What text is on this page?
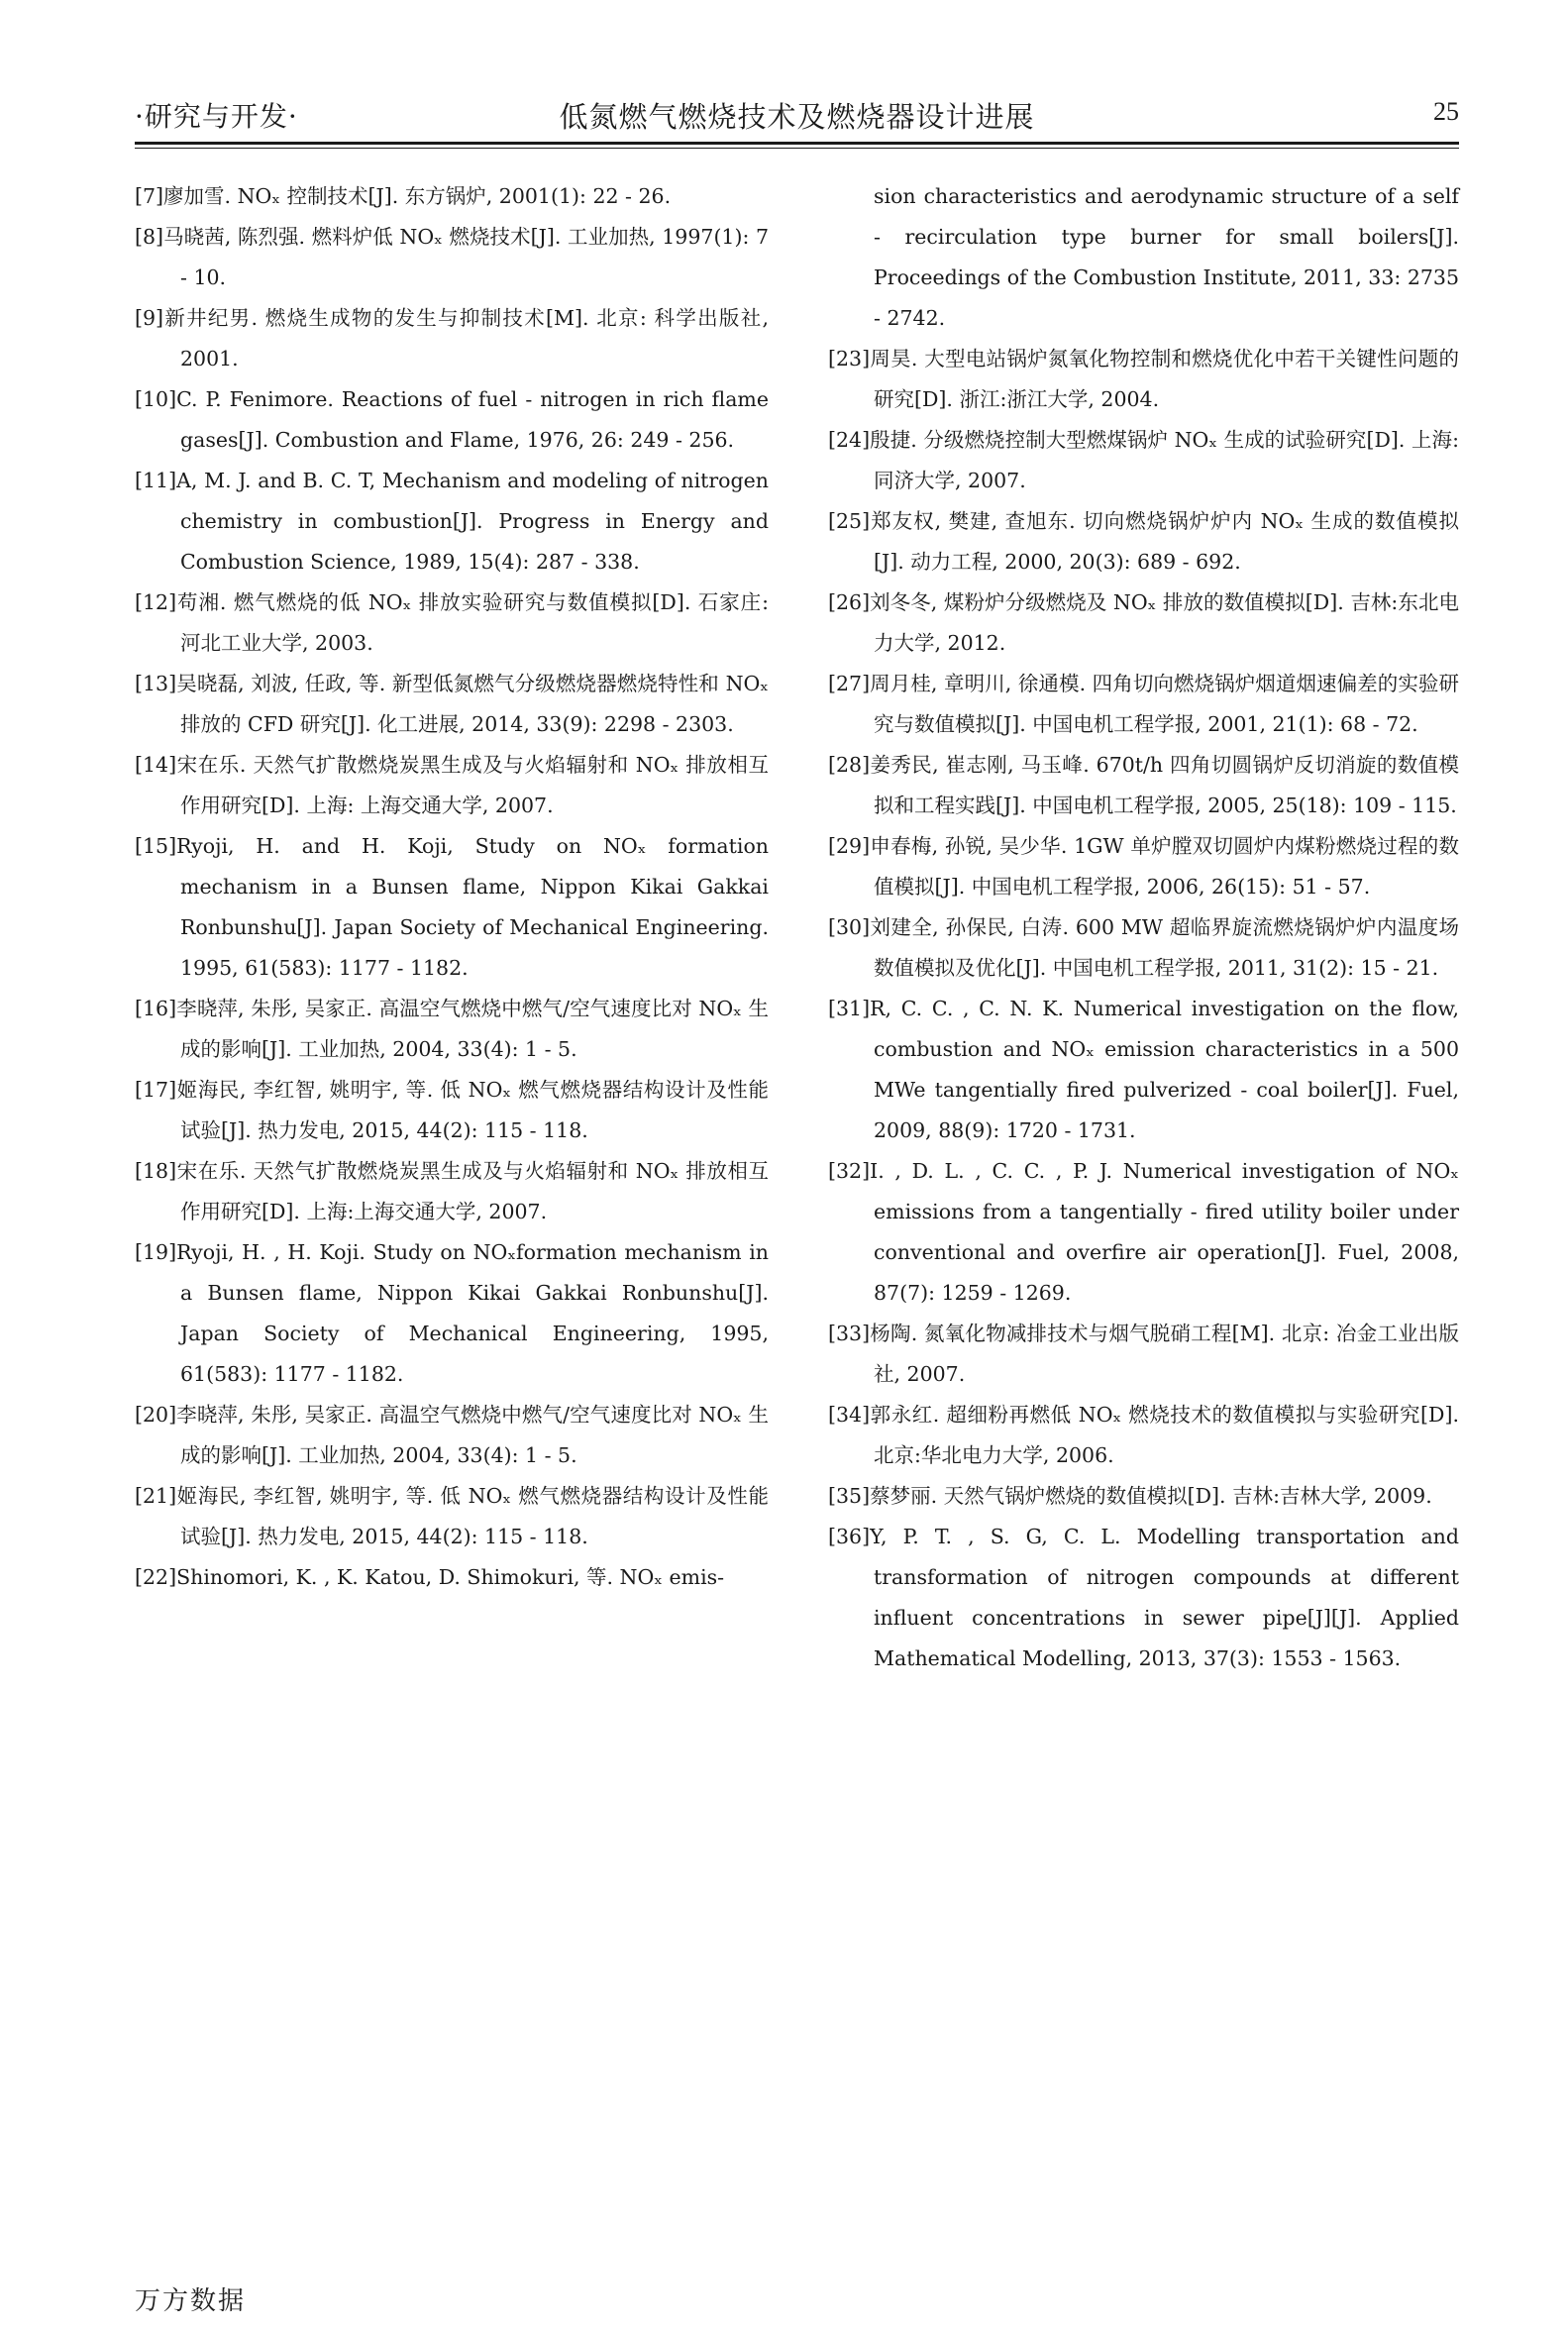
·研究与开发·	低氮燃气燃烧技术及燃烧器设计进展	25
[7]廖加雪. NOₓ 控制技术[J]. 东方锅炉, 2001(1): 22 - 26.
[8]马晓茜, 陈烈强. 燃料炉低 NOₓ 燃烧技术[J]. 工业加热, 1997(1): 7 - 10.
[9]新井纪男. 燃烧生成物的发生与抑制技术[M]. 北京: 科学出版社, 2001.
[10]C. P. Fenimore. Reactions of fuel - nitrogen in rich flame gases[J]. Combustion and Flame, 1976, 26: 249 - 256.
[11]A, M. J. and B. C. T, Mechanism and modeling of nitrogen chemistry in combustion[J]. Progress in Energy and Combustion Science, 1989, 15(4): 287 - 338.
[12]苟湘. 燃气燃烧的低 NOₓ 排放实验研究与数值模拟[D]. 石家庄: 河北工业大学, 2003.
[13]吴晓磊, 刘波, 任政, 等. 新型低氮燃气分级燃烧器燃烧特性和 NOₓ排放的 CFD 研究[J]. 化工进展, 2014, 33(9): 2298 - 2303.
[14]宋在乐. 天然气扩散燃烧炭黑生成及与火焰辐射和 NOₓ 排放相互作用研究[D]. 上海: 上海交通大学, 2007.
[15]Ryoji, H. and H. Koji, Study on NOₓ formation mechanism in a Bunsen flame, Nippon Kikai Gakkai Ronbunshu[J]. Japan Society of Mechanical Engineering. 1995, 61(583): 1177 - 1182.
[16]李晓萍, 朱彤, 吴家正. 高温空气燃烧中燃气/空气速度比对 NOₓ 生成的影响[J]. 工业加热, 2004, 33(4): 1 - 5.
[17]姬海民, 李红智, 姚明宇, 等. 低 NOₓ 燃气燃烧器结构设计及性能试验[J]. 热力发电, 2015, 44(2): 115 - 118.
[18]宋在乐. 天然气扩散燃烧炭黑生成及与火焰辐射和 NOₓ 排放相互作用研究[D]. 上海:上海交通大学, 2007.
[19]Ryoji, H. , H. Koji. Study on NOₓformation mechanism in a Bunsen flame, Nippon Kikai Gakkai Ronbunshu[J]. Japan Society of Mechanical Engineering, 1995, 61(583): 1177 - 1182.
[20]李晓萍, 朱彤, 吴家正. 高温空气燃烧中燃气/空气速度比对 NOₓ 生成的影响[J]. 工业加热, 2004, 33(4): 1 - 5.
[21]姬海民, 李红智, 姚明宇, 等. 低 NOₓ 燃气燃烧器结构设计及性能试验[J]. 热力发电, 2015, 44(2): 115 - 118.
[22]Shinomori, K. , K. Katou, D. Shimokuri, 等. NOₓ emis-
sion characteristics and aerodynamic structure of a self - recirculation type burner for small boilers[J]. Proceedings of the Combustion Institute, 2011, 33: 2735 - 2742.
[23]周昊. 大型电站锅炉氮氧化物控制和燃烧优化中若干关键性问题的研究[D]. 浙江:浙江大学, 2004.
[24]殷捷. 分级燃烧控制大型燃煤锅炉 NOₓ 生成的试验研究[D]. 上海:同济大学, 2007.
[25]郑友权, 樊建, 查旭东. 切向燃烧锅炉炉内 NOₓ 生成的数值模拟[J]. 动力工程, 2000, 20(3): 689 - 692.
[26]刘冬冬, 煤粉炉分级燃烧及 NOₓ 排放的数值模拟[D]. 吉林:东北电力大学, 2012.
[27]周月桂, 章明川, 徐通模. 四角切向燃烧锅炉烟道烟速偏差的实验研究与数值模拟[J]. 中国电机工程学报, 2001, 21(1): 68 - 72.
[28]姜秀民, 崔志刚, 马玉峰. 670t/h 四角切圆锅炉反切消旋的数值模拟和工程实践[J]. 中国电机工程学报, 2005, 25(18): 109 - 115.
[29]申春梅, 孙锐, 吴少华. 1GW 单炉膛双切圆炉内煤粉燃烧过程的数值模拟[J]. 中国电机工程学报, 2006, 26(15): 51 - 57.
[30]刘建全, 孙保民, 白涛. 600 MW 超临界旋流燃烧锅炉炉内温度场数值模拟及优化[J]. 中国电机工程学报, 2011, 31(2): 15 - 21.
[31]R, C. C. , C. N. K. Numerical investigation on the flow, combustion and NOₓ emission characteristics in a 500 MWe tangentially fired pulverized - coal boiler[J]. Fuel, 2009, 88(9): 1720 - 1731.
[32]I. , D. L. , C. C. , P. J. Numerical investigation of NOₓ emissions from a tangentially - fired utility boiler under conventional and overfire air operation[J]. Fuel, 2008, 87(7): 1259 - 1269.
[33]杨陶. 氮氧化物减排技术与烟气脱硝工程[M]. 北京: 冶金工业出版社, 2007.
[34]郭永红. 超细粉再燃低 NOₓ 燃烧技术的数值模拟与实验研究[D]. 北京:华北电力大学, 2006.
[35]蔡梦丽. 天然气锅炉燃烧的数值模拟[D]. 吉林:吉林大学, 2009.
[36]Y, P. T. , S. G, C. L. Modelling transportation and transformation of nitrogen compounds at different influent concentrations in sewer pipe[J][J]. Applied Mathematical Modelling, 2013, 37(3): 1553 - 1563.
万方数据
